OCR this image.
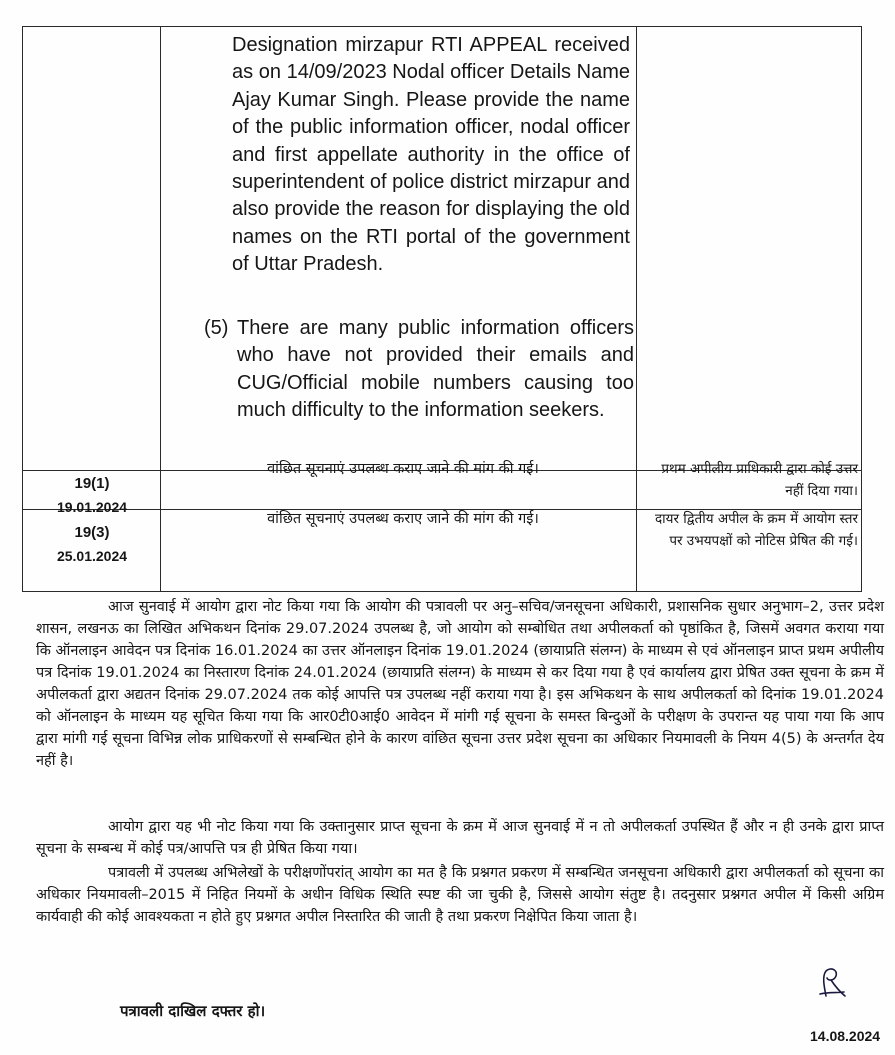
Designation mirzapur RTI APPEAL received as on 14/09/2023 Nodal officer Details Name Ajay Kumar Singh. Please provide the name of the public information officer, nodal officer and first appellate authority in the office of superintendent of police district mirzapur and also provide the reason for displaying the old names on the RTI portal of the government of Uttar Pradesh.

(5) There are many public information officers who have not provided their emails and CUG/Official mobile numbers causing too much difficulty to the information seekers.
19(1)
19.01.2024
वांछित सूचनाएं उपलब्ध कराए जाने की मांग की गई।	प्रथम अपीलीय प्राधिकारी द्वारा कोई उत्तर नहीं दिया गया।
19(3)
25.01.2024
वांछित सूचनाएं उपलब्ध कराए जाने की मांग की गई।	दायर द्वितीय अपील के क्रम में आयोग स्तर पर उभयपक्षों को नोटिस प्रेषित की गई।

आज सुनवाई में आयोग द्वारा नोट किया गया कि आयोग की पत्रावली पर अनु–सचिव/जनसूचना अधिकारी, प्रशासनिक सुधार अनुभाग–2, उत्तर प्रदेश शासन, लखनऊ का लिखित अभिकथन दिनांक 29.07.2024 उपलब्ध है, जो आयोग को सम्बोधित तथा अपीलकर्ता को पृष्ठांकित है, जिसमें अवगत कराया गया कि ऑनलाइन आवेदन पत्र दिनांक 16.01.2024 का उत्तर ऑनलाइन दिनांक 19.01.2024 (छायाप्रति संलग्न) के माध्यम से एवं ऑनलाइन प्राप्त प्रथम अपीलीय पत्र दिनांक 19.01.2024 का निस्तारण दिनांक 24.01.2024 (छायाप्रति संलग्न) के माध्यम से कर दिया गया है एवं कार्यालय द्वारा प्रेषित उक्त सूचना के क्रम में अपीलकर्ता द्वारा अद्यतन दिनांक 29.07.2024 तक कोई आपत्ति पत्र उपलब्ध नहीं कराया गया है। इस अभिकथन के साथ अपीलकर्ता को दिनांक 19.01.2024 को ऑनलाइन के माध्यम यह सूचित किया गया कि आर0टी0आई0 आवेदन में मांगी गई सूचना के समस्त बिन्दुओं के परीक्षण के उपरान्त यह पाया गया कि आप द्वारा मांगी गई सूचना विभिन्न लोक प्राधिकरणों से सम्बन्धित होने के कारण वांछित सूचना उत्तर प्रदेश सूचना का अधिकार नियमावली के नियम 4(5) के अन्तर्गत देय नहीं है।

आयोग द्वारा यह भी नोट किया गया कि उक्तानुसार प्राप्त सूचना के क्रम में आज सुनवाई में न तो अपीलकर्ता उपस्थित हैं और न ही उनके द्वारा प्राप्त सूचना के सम्बन्ध में कोई पत्र/आपत्ति पत्र ही प्रेषित किया गया।

पत्रावली में उपलब्ध अभिलेखों के परीक्षणोंपरांत् आयोग का मत है कि प्रश्नगत प्रकरण में सम्बन्धित जनसूचना अधिकारी द्वारा अपीलकर्ता को सूचना का अधिकार नियमावली–2015 में निहित नियमों के अधीन विधिक स्थिति स्पष्ट की जा चुकी है, जिससे आयोग संतुष्ट है। तदनुसार प्रश्नगत अपील में किसी अग्रिम कार्यवाही की कोई आवश्यकता न होते हुए प्रश्नगत अपील निस्तारित की जाती है तथा प्रकरण निक्षेपित किया जाता है।

पत्रावली दाखिल दफ्तर हो।
14.08.2024
